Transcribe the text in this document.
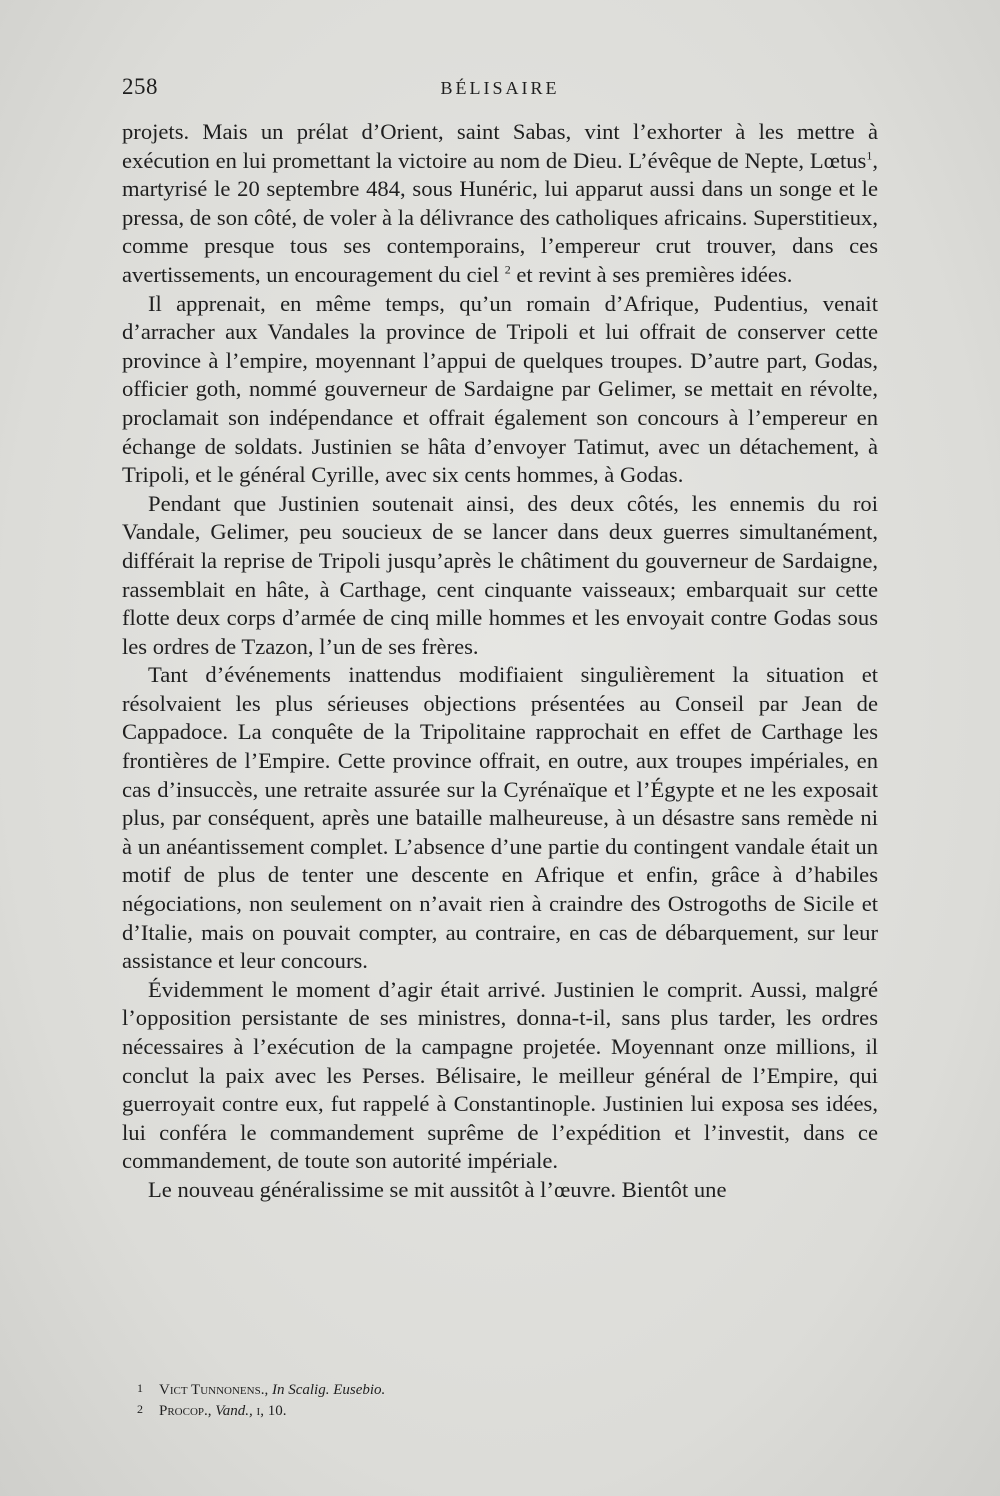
258	BÉLISAIRE

projets. Mais un prélat d’Orient, saint Sabas, vint l’exhorter à les mettre à exécution en lui promettant la victoire au nom de Dieu. L’évêque de Nepte, Lœtus$^1$, martyrisé le 20 septembre 484, sous Hunéric, lui apparut aussi dans un songe et le pressa, de son côté, de voler à la délivrance des catholiques africains. Superstitieux, comme presque tous ses contemporains, l’empereur crut trouver, dans ces avertissements, un encouragement du ciel $^2$ et revint à ses premières idées.

Il apprenait, en même temps, qu’un romain d’Afrique, Pudentius, venait d’arracher aux Vandales la province de Tripoli et lui offrait de conserver cette province à l’empire, moyennant l’appui de quelques troupes. D’autre part, Godas, officier goth, nommé gouverneur de Sardaigne par Gelimer, se mettait en révolte, proclamait son indépendance et offrait également son concours à l’empereur en échange de soldats. Justinien se hâta d’envoyer Tatimut, avec un détachement, à Tripoli, et le général Cyrille, avec six cents hommes, à Godas.

Pendant que Justinien soutenait ainsi, des deux côtés, les ennemis du roi Vandale, Gelimer, peu soucieux de se lancer dans deux guerres simultanément, différait la reprise de Tripoli jusqu’après le châtiment du gouverneur de Sardaigne, rassemblait en hâte, à Carthage, cent cinquante vaisseaux; embarquait sur cette flotte deux corps d’armée de cinq mille hommes et les envoyait contre Godas sous les ordres de Tzazon, l’un de ses frères.

Tant d’événements inattendus modifiaient singulièrement la situation et résolvaient les plus sérieuses objections présentées au Conseil par Jean de Cappadoce. La conquête de la Tripolitaine rapprochait en effet de Carthage les frontières de l’Empire. Cette province offrait, en outre, aux troupes impériales, en cas d’insuccès, une retraite assurée sur la Cyrénaïque et l’Égypte et ne les exposait plus, par conséquent, après une bataille malheureuse, à un désastre sans remède ni à un anéantissement complet. L’absence d’une partie du contingent vandale était un motif de plus de tenter une descente en Afrique et enfin, grâce à d’habiles négociations, non seulement on n’avait rien à craindre des Ostrogoths de Sicile et d’Italie, mais on pouvait compter, au contraire, en cas de débarquement, sur leur assistance et leur concours.

Évidemment le moment d’agir était arrivé. Justinien le comprit. Aussi, malgré l’opposition persistante de ses ministres, donna-t-il, sans plus tarder, les ordres nécessaires à l’exécution de la campagne projetée. Moyennant onze millions, il conclut la paix avec les Perses. Bélisaire, le meilleur général de l’Empire, qui guerroyait contre eux, fut rappelé à Constantinople. Justinien lui exposa ses idées, lui conféra le commandement suprême de l’expédition et l’investit, dans ce commandement, de toute son autorité impériale.

Le nouveau généralissime se mit aussitôt à l’œuvre. Bientôt une

1 Vict Tunnonens., In Scalig. Eusebio.
2 Procop., Vand., i, 10.
